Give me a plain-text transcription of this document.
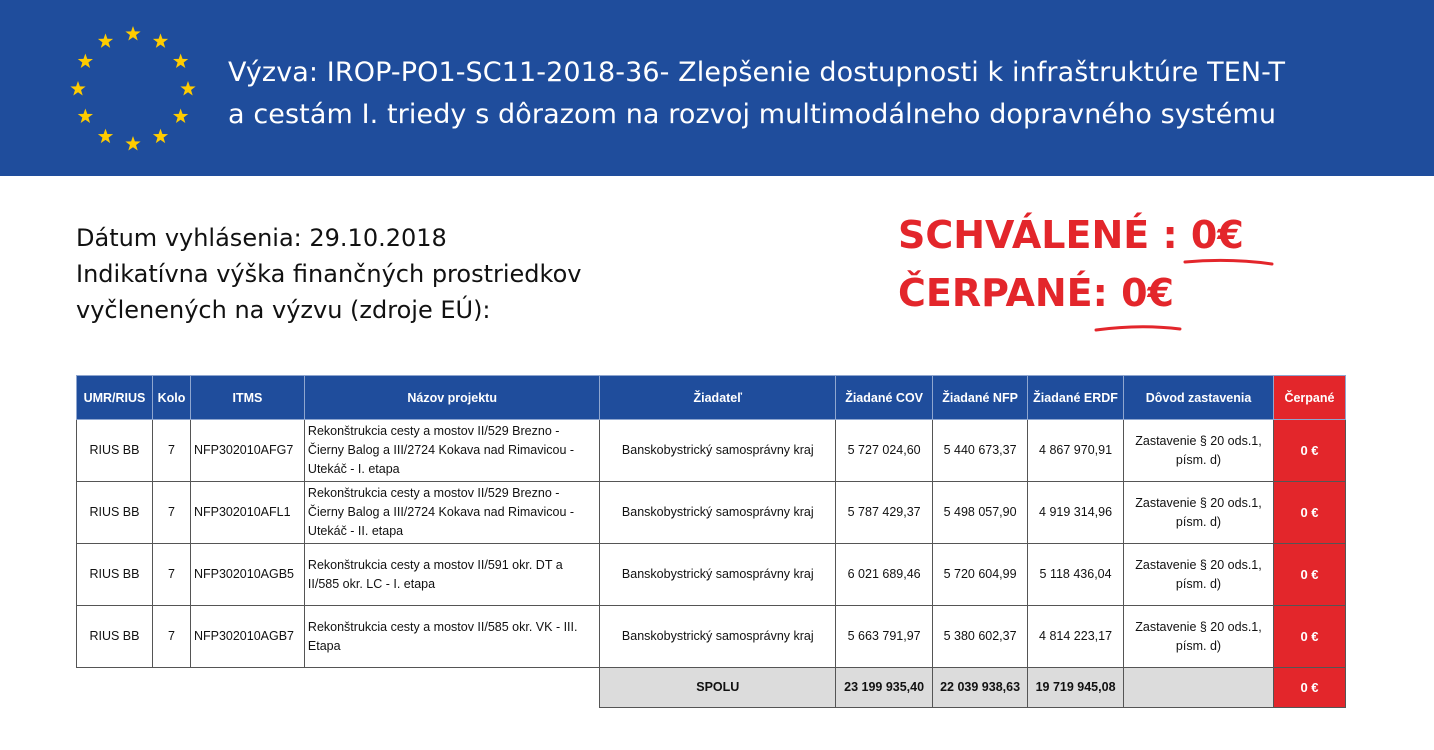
Výzva: IROP-PO1-SC11-2018-36- Zlepšenie dostupnosti k infraštruktúre TEN-T
a cestám I. triedy s dôrazom na rozvoj multimodálneho dopravného systému
Dátum vyhlásenia: 29.10.2018
Indikatívna výška finančných prostriedkov
vyčlenených na výzvu (zdroje EÚ):
SCHVÁLENÉ : 0€
ČERPANÉ: 0€
UMR/RIUS	Kolo	ITMS	Názov projektu	Žiadateľ	Žiadané COV	Žiadané NFP	Žiadané ERDF	Dôvod zastavenia	Čerpané
RIUS BB	7	NFP302010AFG7	Rekonštrukcia cesty a mostov II/529 Brezno - Čierny Balog a III/2724 Kokava nad Rimavicou - Utekáč - I. etapa	Banskobystrický samosprávny kraj	5 727 024,60	5 440 673,37	4 867 970,91	Zastavenie § 20 ods.1, písm. d)	0 €
RIUS BB	7	NFP302010AFL1	Rekonštrukcia cesty a mostov II/529 Brezno - Čierny Balog a III/2724 Kokava nad Rimavicou - Utekáč - II. etapa	Banskobystrický samosprávny kraj	5 787 429,37	5 498 057,90	4 919 314,96	Zastavenie § 20 ods.1, písm. d)	0 €
RIUS BB	7	NFP302010AGB5	Rekonštrukcia cesty a mostov II/591 okr. DT a II/585 okr. LC - I. etapa	Banskobystrický samosprávny kraj	6 021 689,46	5 720 604,99	5 118 436,04	Zastavenie § 20 ods.1, písm. d)	0 €
RIUS BB	7	NFP302010AGB7	Rekonštrukcia cesty a mostov II/585 okr. VK - III. Etapa	Banskobystrický samosprávny kraj	5 663 791,97	5 380 602,37	4 814 223,17	Zastavenie § 20 ods.1, písm. d)	0 €
				SPOLU	23 199 935,40	22 039 938,63	19 719 945,08		0 €
